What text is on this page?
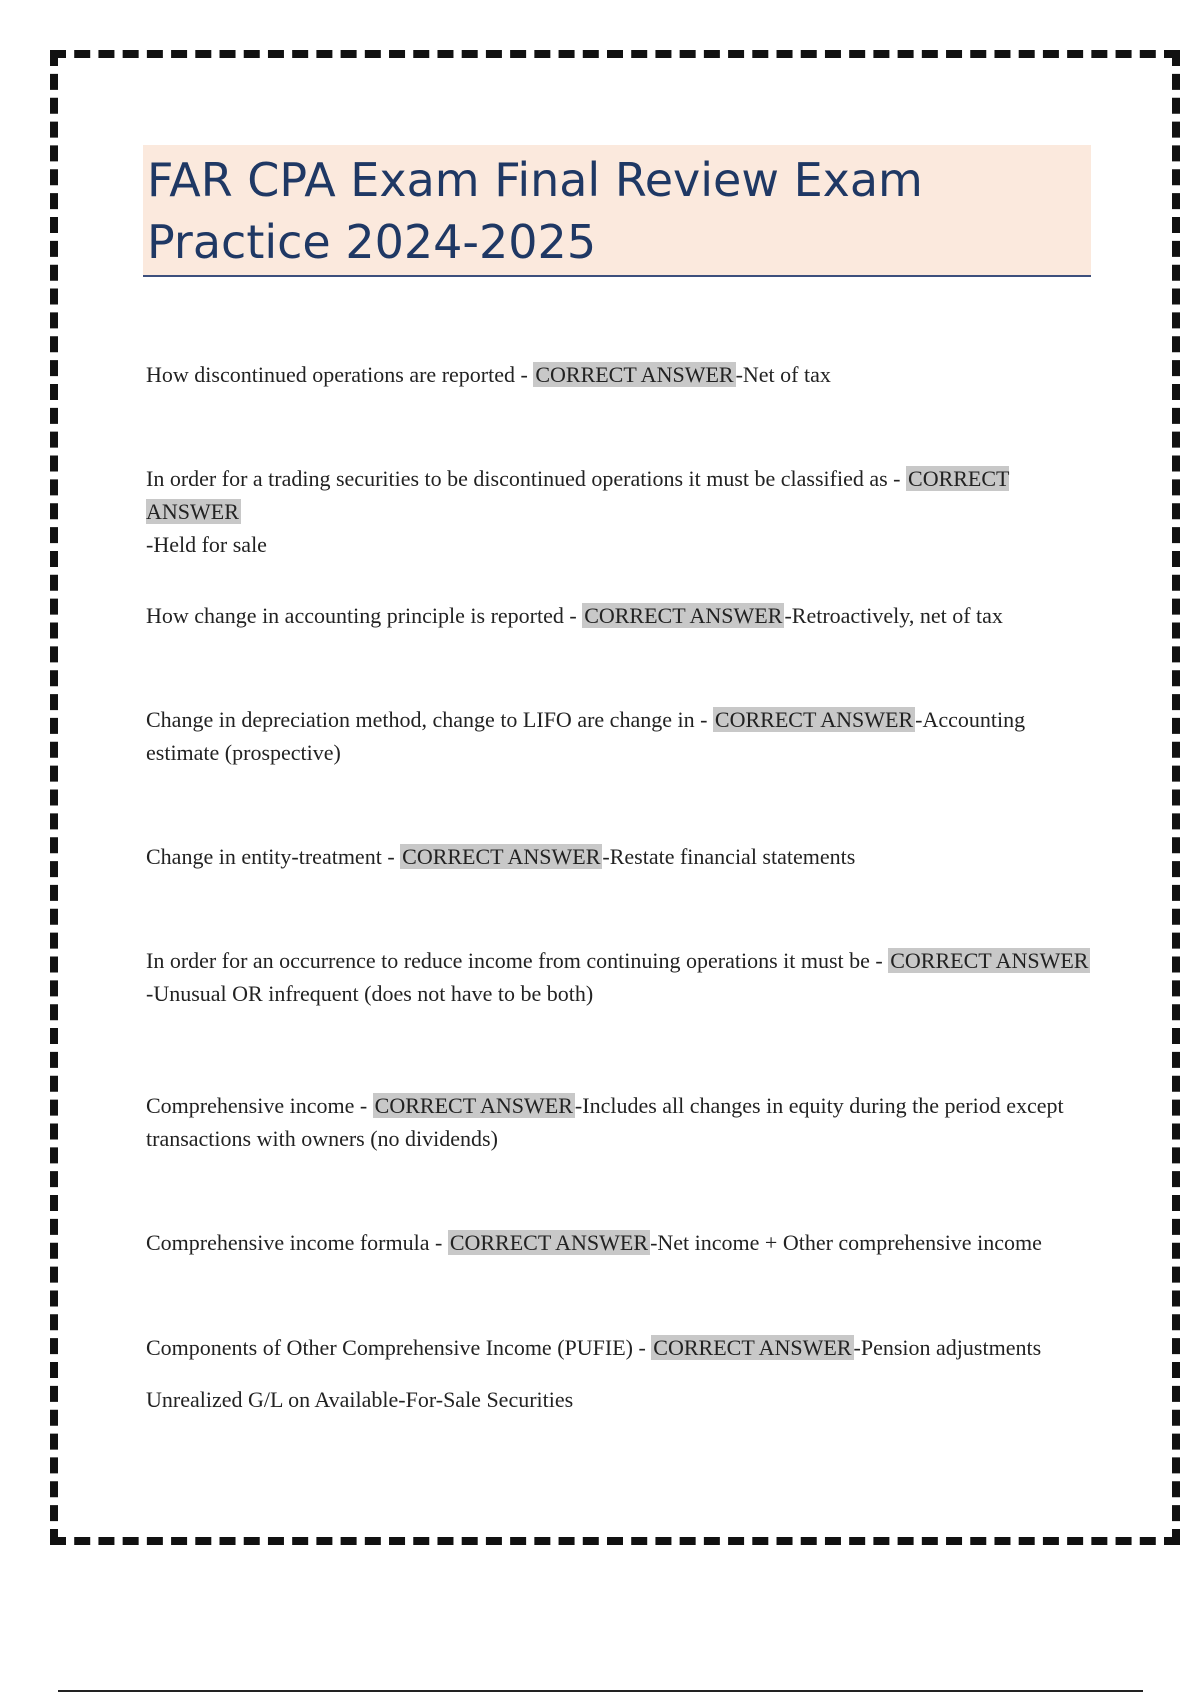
FAR CPA Exam Final Review Exam
Practice 2024-2025
How discontinued operations are reported - CORRECT ANSWER-Net of tax
In order for a trading securities to be discontinued operations it must be classified as - CORRECT ANSWER
-Held for sale
How change in accounting principle is reported - CORRECT ANSWER-Retroactively, net of tax
Change in depreciation method, change to LIFO are change in - CORRECT ANSWER-Accounting estimate (prospective)
Change in entity-treatment - CORRECT ANSWER-Restate financial statements
In order for an occurrence to reduce income from continuing operations it must be - CORRECT ANSWER
-Unusual OR infrequent (does not have to be both)
Comprehensive income - CORRECT ANSWER-Includes all changes in equity during the period except transactions with owners (no dividends)
Comprehensive income formula - CORRECT ANSWER-Net income + Other comprehensive income
Components of Other Comprehensive Income (PUFIE) - CORRECT ANSWER-Pension adjustments
Unrealized G/L on Available-For-Sale Securities
